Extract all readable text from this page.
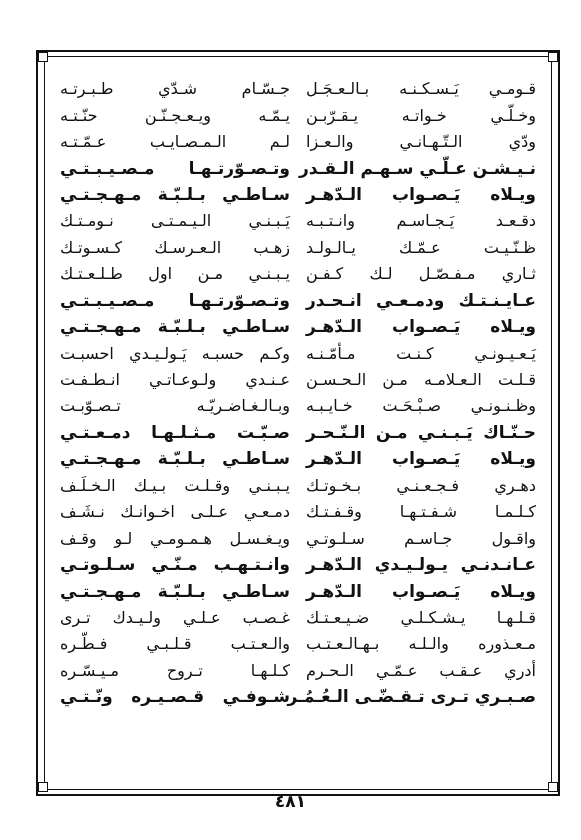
قـومـي يَـسـكـنـه بـالـعـجَـل
جـسّـام شـدّي طـبـرتـه
وخـلّـي خـواتـه يـقـرّبـن
يـمّـه ويـعـجـنّـن حنّـتـه
ودّي الـتّـهـانـي والـعـزا
لـم الـمـصـايـب عـمّـتـه
نـيـشـن عـلّـي سـهـم الـقـدر
وتـصـوّرتـهـا مـصـيـبـتـي
ويـلاه يَـصـواب الـدّهـر
سـاطـي بـلـبّـة مـهـجـتـي
دقـعـد يَـجـاسـم وانـتـبـه
يَـبـنـي الـيـمـتـى نـومـتـك
ظـنّـيـت عـمّـك يـالـولـد
زهـب الـعـرسـك كـسـوتـك
ثـاري مـفـصّـل لـك كـفـن
يـبـنـي مـن اول طـلـعـتـك
عـايـنـتـك ودمـعـي انـحـدر
وتـصـوّرتـهـا مـصـيـبـتـي
ويـلاه يَـصـواب الـدّهـر
سـاطـي بـلـبّـة مـهـجـتـي
يَـعـيـونـي كـنـت مـأمّـنـه
وكـم حسبـه يَـولـيـدي احسبـت
قـلـت الـعـلامـه مـن الـحـسـن
عـنـدي ولـوعـاتـي انـطـفـت
وظـنـونـي صـبْـحَـت خـايـبـه
وبـالـغـاضـريّـه تـصـوّبـت
حـنّـاك يَـبـنـي مـن الـنّـحـر
صـبّـت مـثـلـهـا دمـعـتـي
ويـلاه يَـصـواب الـدّهـر
سـاطـي بـلـبّـة مـهـجـتـي
دهـري فـجـعـنـي بـخـوتـك
يـبـنـي وقـلـت بـيـك الـخـلَـف
كـلـمـا شـفـتـهـا وقـفـتـك
دمـعـي عـلـى اخـوانـك نـشَـف
واقـول جـاسـم سـلـوتـي
ويـغـسـل هـمـومـي لـو وقـف
عـانـدنـي يـولـيـدي الـدّهـر
وانـتـهـب مـنّـي سـلـوتـي
ويـلاه يَـصـواب الـدّهـر
سـاطـي بـلـبّـة مـهـجـتـي
قـلـهـا يـشـكـلـي ضـيـعـتـك
غـصـب عـلـي ولـيـدك تـرى
مـعـذوره والـلـه بـهـالـعـتـب
والـعـتـب قـلـبـي فـطّـره
أدري عـقـب عـمّـي الـحـرم
كـلـهـا تـروح مـيـسّـره
صـبـري تـرى تـقـضّـى الـعُـمُـر
شـوفـي قـصـيـره ونّـتـي
٤٨١
